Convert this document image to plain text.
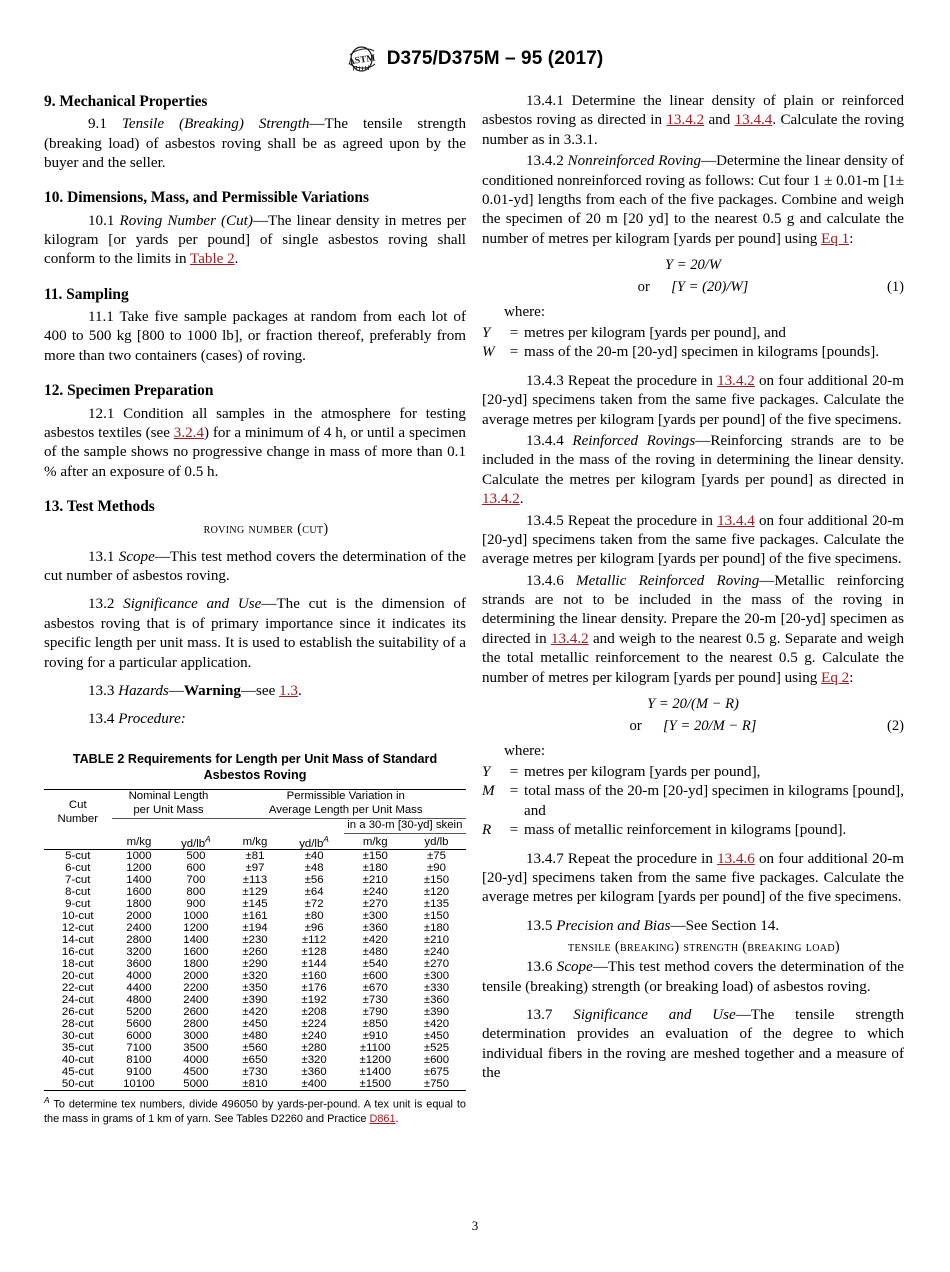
ASTM D375/D375M – 95 (2017)
9. Mechanical Properties

9.1 Tensile (Breaking) Strength—The tensile strength (breaking load) of asbestos roving shall be as agreed upon by the buyer and the seller.

10. Dimensions, Mass, and Permissible Variations

10.1 Roving Number (Cut)—The linear density in metres per kilogram [or yards per pound] of single asbestos roving shall conform to the limits in Table 2.

11. Sampling

11.1 Take five sample packages at random from each lot of 400 to 500 kg [800 to 1000 lb], or fraction thereof, preferably from more than two containers (cases) of roving.

12. Specimen Preparation

12.1 Condition all samples in the atmosphere for testing asbestos textiles (see 3.2.4) for a minimum of 4 h, or until a specimen of the sample shows no progressive change in mass of more than 0.1 % after an exposure of 0.5 h.

13. Test Methods

roving number (cut)

13.1 Scope—This test method covers the determination of the cut number of asbestos roving.

13.2 Significance and Use—The cut is the dimension of asbestos roving that is of primary importance since it indicates its specific length per unit mass. It is used to establish the suitability of a roving for a particular application.

13.3 Hazards—Warning—see 1.3.

13.4 Procedure:

TABLE 2 Requirements for Length per Unit Mass of Standard Asbestos Roving
Cut
Number

Nominal Length
per Unit Mass

Permissible Variation in
Average Length per Unit Mass

					in a 30-m [30-yd] skein	
	m/kg	$yd/lb^A$	m/kg	$yd/lb^A$	m/kg	yd/lb
5-cut	1000	500	±81	±40	±150	±75
6-cut	1200	600	±97	±48	±180	±90
7-cut	1400	700	±113	±56	±210	±150
8-cut	1600	800	±129	±64	±240	±120
9-cut	1800	900	±145	±72	±270	±135
10-cut	2000	1000	±161	±80	±300	±150
12-cut	2400	1200	±194	±96	±360	±180
14-cut	2800	1400	±230	±112	±420	±210
16-cut	3200	1600	±260	±128	±480	±240
18-cut	3600	1800	±290	±144	±540	±270
20-cut	4000	2000	±320	±160	±600	±300
22-cut	4400	2200	±350	±176	±670	±330
24-cut	4800	2400	±390	±192	±730	±360
26-cut	5200	2600	±420	±208	±790	±390
28-cut	5600	2800	±450	±224	±850	±420
30-cut	6000	3000	±480	±240	±910	±450
35-cut	7100	3500	±560	±280	±1100	±525
40-cut	8100	4000	±650	±320	±1200	±600
45-cut	9100	4500	±730	±360	±1400	±675
50-cut	10100	5000	±810	±400	±1500	±750
$^A$ To determine tex numbers, divide 496050 by yards-per-pound. A tex unit is equal to the mass in grams of 1 km of yarn. See Tables D2260 and Practice D861.

13.4.1 Determine the linear density of plain or reinforced asbestos roving as directed in 13.4.2 and 13.4.4. Calculate the roving number as in 3.3.1.

13.4.2 Nonreinforced Roving—Determine the linear density of conditioned nonreinforced roving as follows: Cut four 1 ± 0.01-m [1± 0.01-yd] lengths from each of the five packages. Combine and weigh the specimen of 20 m [20 yd] to the nearest 0.5 g and calculate the number of metres per kilogram [yards per pound] using Eq 1:

Y = 20/W
or [Y = (20)/W]	(1)

where:

Y	=	metres per kilogram [yards per pound], and
W	=	mass of the 20-m [20-yd] specimen in kilograms [pounds].

13.4.3 Repeat the procedure in 13.4.2 on four additional 20-m [20-yd] specimens taken from the same five packages. Calculate the average metres per kilogram [yards per pound] of the five specimens.

13.4.4 Reinforced Rovings—Reinforcing strands are to be included in the mass of the roving in determining the linear density. Calculate the metres per kilogram [yards per pound] as directed in 13.4.2.

13.4.5 Repeat the procedure in 13.4.4 on four additional 20-m [20-yd] specimens taken from the same five packages. Calculate the average metres per kilogram [yards per pound] of the five specimens.

13.4.6 Metallic Reinforced Roving—Metallic reinforcing strands are not to be included in the mass of the roving in determining the linear density. Prepare the 20-m [20-yd] specimen as directed in 13.4.2 and weigh to the nearest 0.5 g. Separate and weigh the total metallic reinforcement to the nearest 0.5 g. Calculate the number of metres per kilogram [yards per pound] using Eq 2:

Y = 20/(M − R)
or [Y = 20/M − R]	(2)

where:

Y	=	metres per kilogram [yards per pound],
M	=	total mass of the 20-m [20-yd] specimen in kilograms [pound], and
R	=	mass of metallic reinforcement in kilograms [pound].

13.4.7 Repeat the procedure in 13.4.6 on four additional 20-m [20-yd] specimens taken from the same five packages. Calculate the average metres per kilogram [yards per pound] of the five specimens.

13.5 Precision and Bias—See Section 14.

tensile (breaking) strength (breaking load)

13.6 Scope—This test method covers the determination of the tensile (breaking) strength (or breaking load) of asbestos roving.

13.7 Significance and Use—The tensile strength determination provides an evaluation of the degree to which individual fibers in the roving are meshed together and a measure of the

3
